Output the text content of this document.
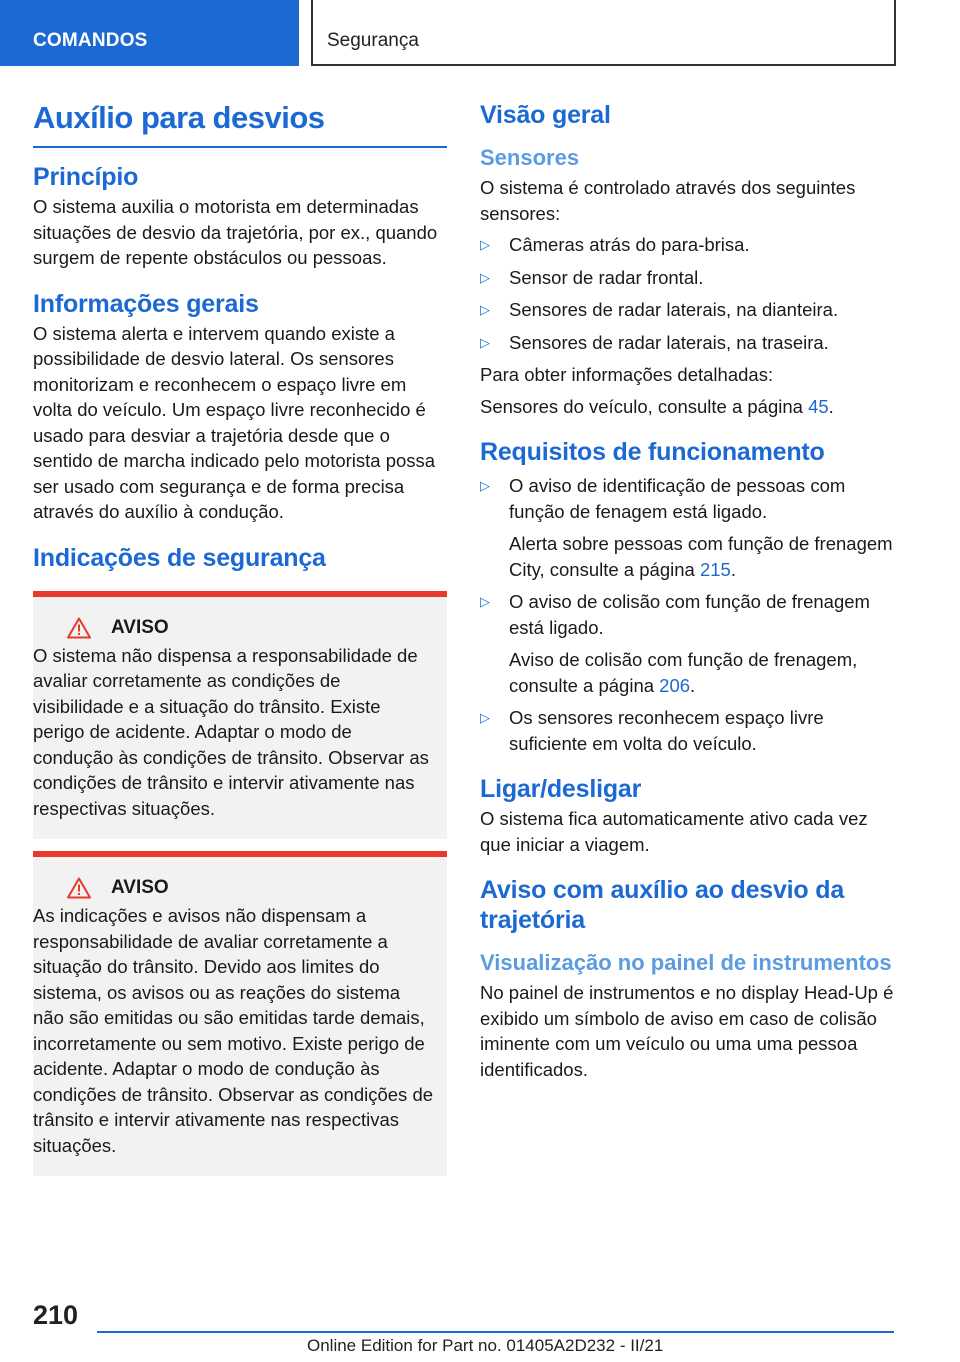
COMANDOS	Segurança
Auxílio para desvios
Princípio

O sistema auxilia o motorista em determinadas situações de desvio da trajetória, por ex., quando surgem de repente obstáculos ou pessoas.

Informações gerais

O sistema alerta e intervem quando existe a possibilidade de desvio lateral. Os sensores monitorizam e reconhecem o espaço livre em volta do veículo. Um espaço livre reconhecido é usado para desviar a trajetória desde que o sentido de marcha indicado pelo motorista possa ser usado com segurança e de forma precisa através do auxílio à condução.

Indicações de segurança
AVISO

O sistema não dispensa a responsabilidade de avaliar corretamente as condições de visibilidade e a situação do trânsito. Existe perigo de acidente. Adaptar o modo de condução às condições de trânsito. Observar as condições de trânsito e intervir ativamente nas respectivas situações.

AVISO

As indicações e avisos não dispensam a responsabilidade de avaliar corretamente a situação do trânsito. Devido aos limites do sistema, os avisos ou as reações do sistema não são emitidas ou são emitidas tarde demais, incorretamente ou sem motivo. Existe perigo de acidente. Adaptar o modo de condução às condições de trânsito. Observar as condições de trânsito e intervir ativamente nas respectivas situações.

Visão geral
Sensores

O sistema é controlado através dos seguintes sensores:

▷ Câmeras atrás do para-brisa.
▷ Sensor de radar frontal.
▷ Sensores de radar laterais, na dianteira.
▷ Sensores de radar laterais, na traseira.

Para obter informações detalhadas:

Sensores do veículo, consulte a página 45.

Requisitos de funcionamento
▷ O aviso de identificação de pessoas com função de fenagem está ligado.
Alerta sobre pessoas com função de frenagem City, consulte a página 215.
▷ O aviso de colisão com função de frenagem está ligado.
Aviso de colisão com função de frenagem, consulte a página 206.
▷ Os sensores reconhecem espaço livre suficiente em volta do veículo.
Ligar/desligar

O sistema fica automaticamente ativo cada vez que iniciar a viagem.

Aviso com auxílio ao desvio da trajetória
Visualização no painel de instrumentos

No painel de instrumentos e no display Head-Up é exibido um símbolo de aviso em caso de colisão iminente com um veículo ou uma uma pessoa identificados.

210
Online Edition for Part no. 01405A2D232 - II/21
